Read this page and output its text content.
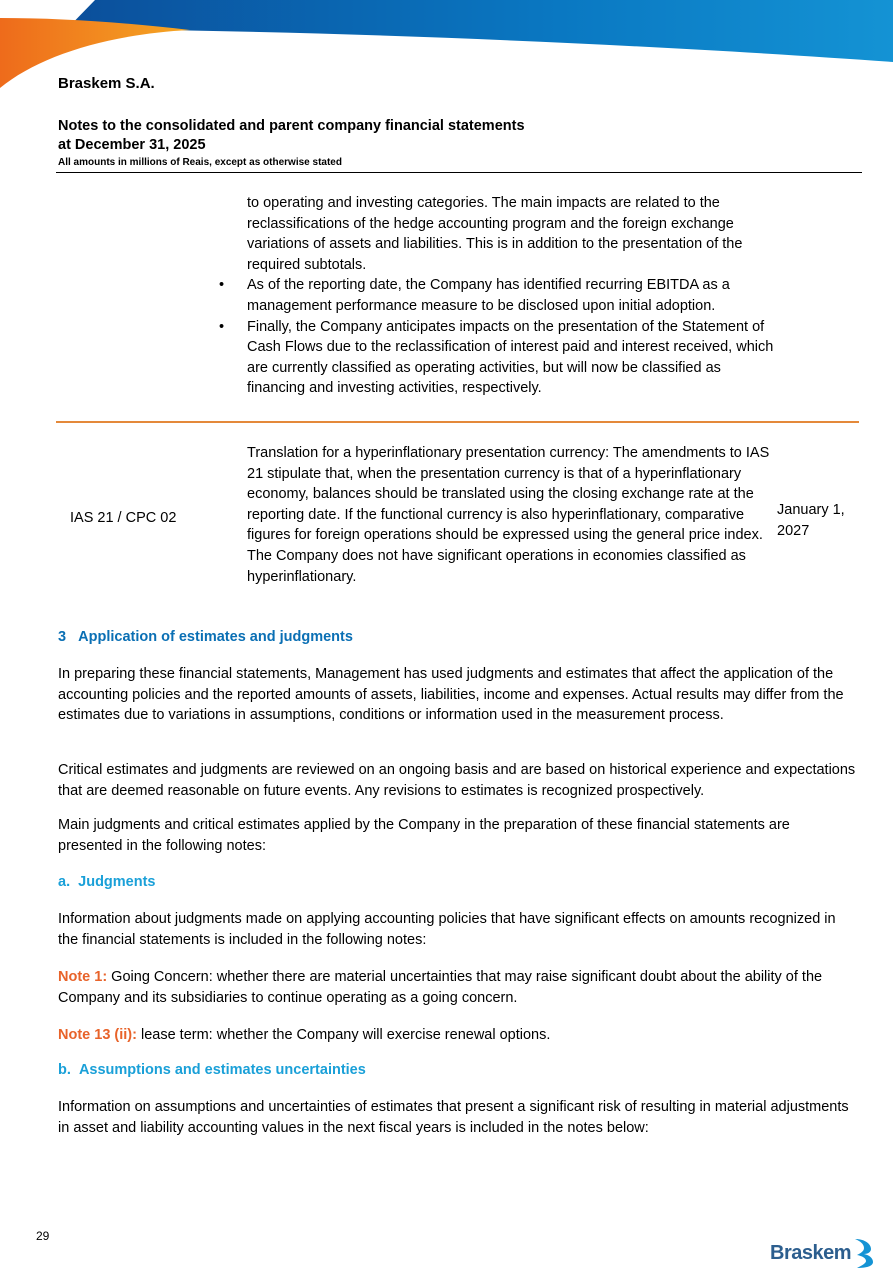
Braskem S.A.
Notes to the consolidated and parent company financial statements
at December 31, 2025
All amounts in millions of Reais, except as otherwise stated
to operating and investing categories. The main impacts are related to the reclassifications of the hedge accounting program and the foreign exchange variations of assets and liabilities. This is in addition to the presentation of the required subtotals.
• As of the reporting date, the Company has identified recurring EBITDA as a management performance measure to be disclosed upon initial adoption.
• Finally, the Company anticipates impacts on the presentation of the Statement of Cash Flows due to the reclassification of interest paid and interest received, which are currently classified as operating activities, but will now be classified as financing and investing activities, respectively.
IAS 21 / CPC 02
Translation for a hyperinflationary presentation currency: The amendments to IAS 21 stipulate that, when the presentation currency is that of a hyperinflationary economy, balances should be translated using the closing exchange rate at the reporting date. If the functional currency is also hyperinflationary, comparative figures for foreign operations should be expressed using the general price index. The Company does not have significant operations in economies classified as hyperinflationary.
January 1, 2027
3 Application of estimates and judgments
In preparing these financial statements, Management has used judgments and estimates that affect the application of the accounting policies and the reported amounts of assets, liabilities, income and expenses. Actual results may differ from the estimates due to variations in assumptions, conditions or information used in the measurement process.
Critical estimates and judgments are reviewed on an ongoing basis and are based on historical experience and expectations that are deemed reasonable on future events. Any revisions to estimates is recognized prospectively.
Main judgments and critical estimates applied by the Company in the preparation of these financial statements are presented in the following notes:
a. Judgments
Information about judgments made on applying accounting policies that have significant effects on amounts recognized in the financial statements is included in the following notes:
Note 1: Going Concern: whether there are material uncertainties that may raise significant doubt about the ability of the Company and its subsidiaries to continue operating as a going concern.
Note 13 (ii): lease term: whether the Company will exercise renewal options.
b. Assumptions and estimates uncertainties
Information on assumptions and uncertainties of estimates that present a significant risk of resulting in material adjustments in asset and liability accounting values in the next fiscal years is included in the notes below:
29
Braskem
